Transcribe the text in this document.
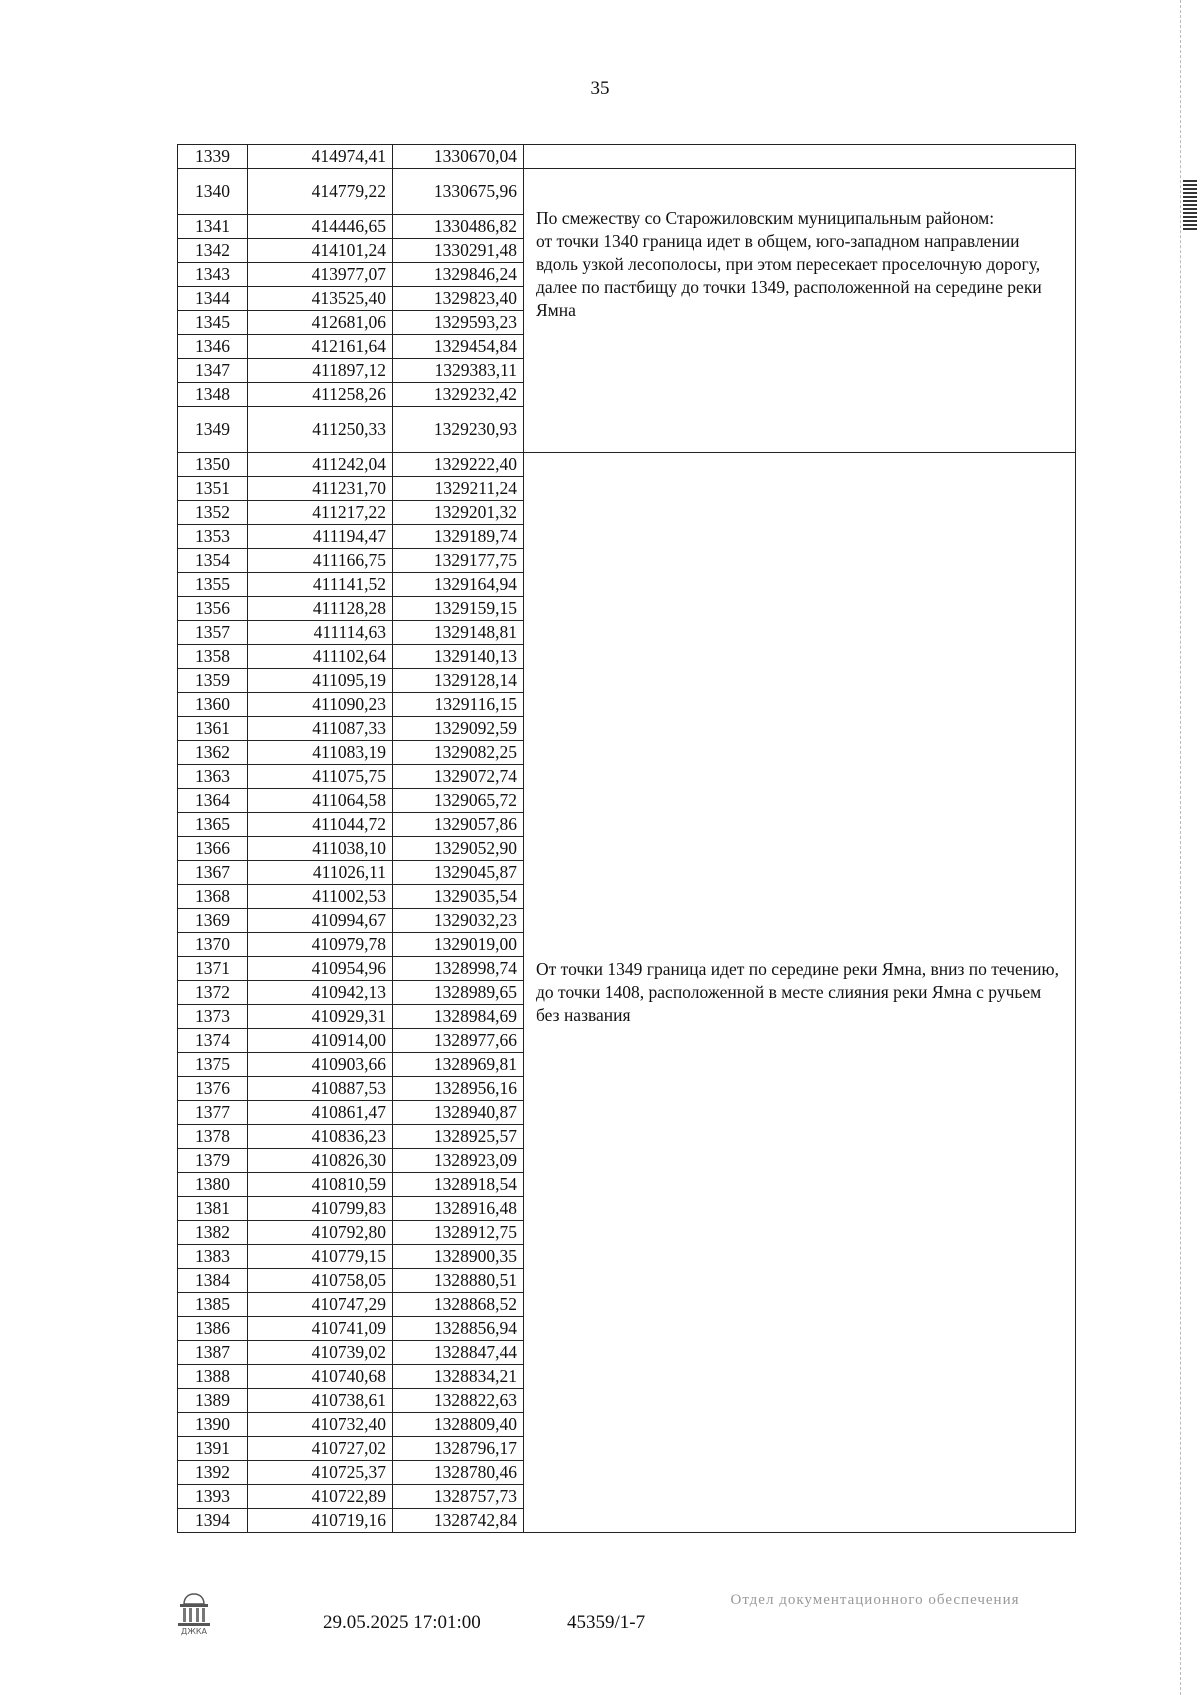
35
1339	414974,41	1330670,04	
1340	414779,22	1330675,96	По смежеству со Старожиловским муниципальным районом:
от точки 1340 граница идет в общем, юго-западном направлении вдоль узкой лесополосы, при этом пересекает проселочную дорогу, далее по пастбищу до точки 1349, расположенной на середине реки Ямна
1341	414446,65	1330486,82	
1342	414101,24	1330291,48	
1343	413977,07	1329846,24	
1344	413525,40	1329823,40	
1345	412681,06	1329593,23	
1346	412161,64	1329454,84	
1347	411897,12	1329383,11	
1348	411258,26	1329232,42	
1349	411250,33	1329230,93	
1350	411242,04	1329222,40	От точки 1349 граница идет по середине реки Ямна, вниз по течению, до точки 1408, расположенной в месте слияния реки Ямна с ручьем без названия
1351	411231,70	1329211,24	
1352	411217,22	1329201,32	
1353	411194,47	1329189,74	
1354	411166,75	1329177,75	
1355	411141,52	1329164,94	
1356	411128,28	1329159,15	
1357	411114,63	1329148,81	
1358	411102,64	1329140,13	
1359	411095,19	1329128,14	
1360	411090,23	1329116,15	
1361	411087,33	1329092,59	
1362	411083,19	1329082,25	
1363	411075,75	1329072,74	
1364	411064,58	1329065,72	
1365	411044,72	1329057,86	
1366	411038,10	1329052,90	
1367	411026,11	1329045,87	
1368	411002,53	1329035,54	
1369	410994,67	1329032,23	
1370	410979,78	1329019,00	
1371	410954,96	1328998,74	
1372	410942,13	1328989,65	
1373	410929,31	1328984,69	
1374	410914,00	1328977,66	
1375	410903,66	1328969,81	
1376	410887,53	1328956,16	
1377	410861,47	1328940,87	
1378	410836,23	1328925,57	
1379	410826,30	1328923,09	
1380	410810,59	1328918,54	
1381	410799,83	1328916,48	
1382	410792,80	1328912,75	
1383	410779,15	1328900,35	
1384	410758,05	1328880,51	
1385	410747,29	1328868,52	
1386	410741,09	1328856,94	
1387	410739,02	1328847,44	
1388	410740,68	1328834,21	
1389	410738,61	1328822,63	
1390	410732,40	1328809,40	
1391	410727,02	1328796,17	
1392	410725,37	1328780,46	
1393	410722,89	1328757,73	
1394	410719,16	1328742,84	
ДЖКА	29.05.2025 17:01:00	45359/1-7
Отдел документационного обеспечения
